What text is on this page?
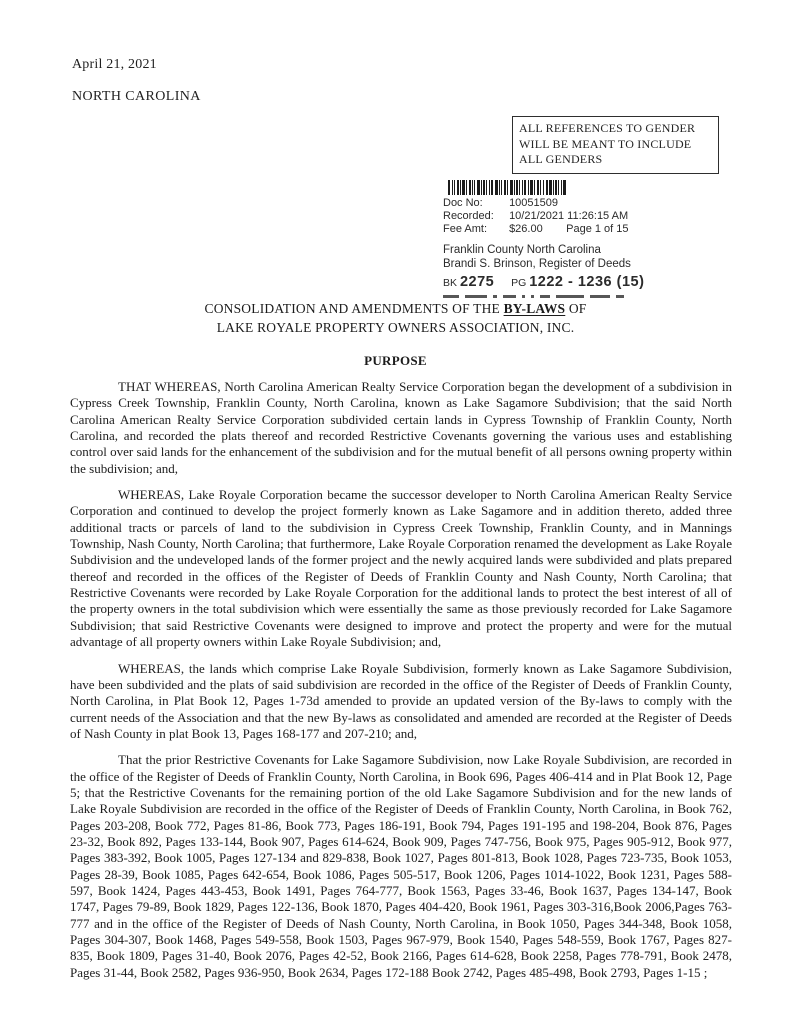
April 21, 2021
NORTH CAROLINA
ALL REFERENCES TO GENDER WILL BE MEANT TO INCLUDE ALL GENDERS
Doc No: 10051509
Recorded: 10/21/2021 11:26:15 AM
Fee Amt: $26.00 Page 1 of 15
Franklin County North Carolina
Brandi S. Brinson, Register of Deeds
BK 2275 PG 1222 - 1236 (15)
CONSOLIDATION AND AMENDMENTS OF THE BY-LAWS OF
LAKE ROYALE PROPERTY OWNERS ASSOCIATION, INC.
PURPOSE

THAT WHEREAS, North Carolina American Realty Service Corporation began the development of a subdivision in Cypress Creek Township, Franklin County, North Carolina, known as Lake Sagamore Subdivision; that the said North Carolina American Realty Service Corporation subdivided certain lands in Cypress Township of Franklin County, North Carolina, and recorded the plats thereof and recorded Restrictive Covenants governing the various uses and establishing control over said lands for the enhancement of the subdivision and for the mutual benefit of all persons owning property within the subdivision; and,

WHEREAS, Lake Royale Corporation became the successor developer to North Carolina American Realty Service Corporation and continued to develop the project formerly known as Lake Sagamore and in addition thereto, added three additional tracts or parcels of land to the subdivision in Cypress Creek Township, Franklin County, and in Mannings Township, Nash County, North Carolina; that furthermore, Lake Royale Corporation renamed the development as Lake Royale Subdivision and the undeveloped lands of the former project and the newly acquired lands were subdivided and plats prepared thereof and recorded in the offices of the Register of Deeds of Franklin County and Nash County, North Carolina; that Restrictive Covenants were recorded by Lake Royale Corporation for the additional lands to protect the best interest of all of the property owners in the total subdivision which were essentially the same as those previously recorded for Lake Sagamore Subdivision; that said Restrictive Covenants were designed to improve and protect the property and were for the mutual advantage of all property owners within Lake Royale Subdivision; and,

WHEREAS, the lands which comprise Lake Royale Subdivision, formerly known as Lake Sagamore Subdivision, have been subdivided and the plats of said subdivision are recorded in the office of the Register of Deeds of Franklin County, North Carolina, in Plat Book 12, Pages 1-73d amended to provide an updated version of the By-laws to comply with the current needs of the Association and that the new By-laws as consolidated and amended are recorded at the Register of Deeds of Nash County in plat Book 13, Pages 168-177 and 207-210; and,

That the prior Restrictive Covenants for Lake Sagamore Subdivision, now Lake Royale Subdivision, are recorded in the office of the Register of Deeds of Franklin County, North Carolina, in Book 696, Pages 406-414 and in Plat Book 12, Page 5; that the Restrictive Covenants for the remaining portion of the old Lake Sagamore Subdivision and for the new lands of Lake Royale Subdivision are recorded in the office of the Register of Deeds of Franklin County, North Carolina, in Book 762, Pages 203-208, Book 772, Pages 81-86, Book 773, Pages 186-191, Book 794, Pages 191-195 and 198-204, Book 876, Pages 23-32, Book 892, Pages 133-144, Book 907, Pages 614-624, Book 909, Pages 747-756, Book 975, Pages 905-912, Book 977, Pages 383-392, Book 1005, Pages 127-134 and 829-838, Book 1027, Pages 801-813, Book 1028, Pages 723-735, Book 1053, Pages 28-39, Book 1085, Pages 642-654, Book 1086, Pages 505-517, Book 1206, Pages 1014-1022, Book 1231, Pages 588-597, Book 1424, Pages 443-453, Book 1491, Pages 764-777, Book 1563, Pages 33-46, Book 1637, Pages 134-147, Book 1747, Pages 79-89, Book 1829, Pages 122-136, Book 1870, Pages 404-420, Book 1961, Pages 303-316,Book 2006,Pages 763-777 and in the office of the Register of Deeds of Nash County, North Carolina, in Book 1050, Pages 344-348, Book 1058, Pages 304-307, Book 1468, Pages 549-558, Book 1503, Pages 967-979, Book 1540, Pages 548-559, Book 1767, Pages 827-835, Book 1809, Pages 31-40, Book 2076, Pages 42-52, Book 2166, Pages 614-628, Book 2258, Pages 778-791, Book 2478, Pages 31-44, Book 2582, Pages 936-950, Book 2634, Pages 172-188 Book 2742, Pages 485-498, Book 2793, Pages 1-15 ;
